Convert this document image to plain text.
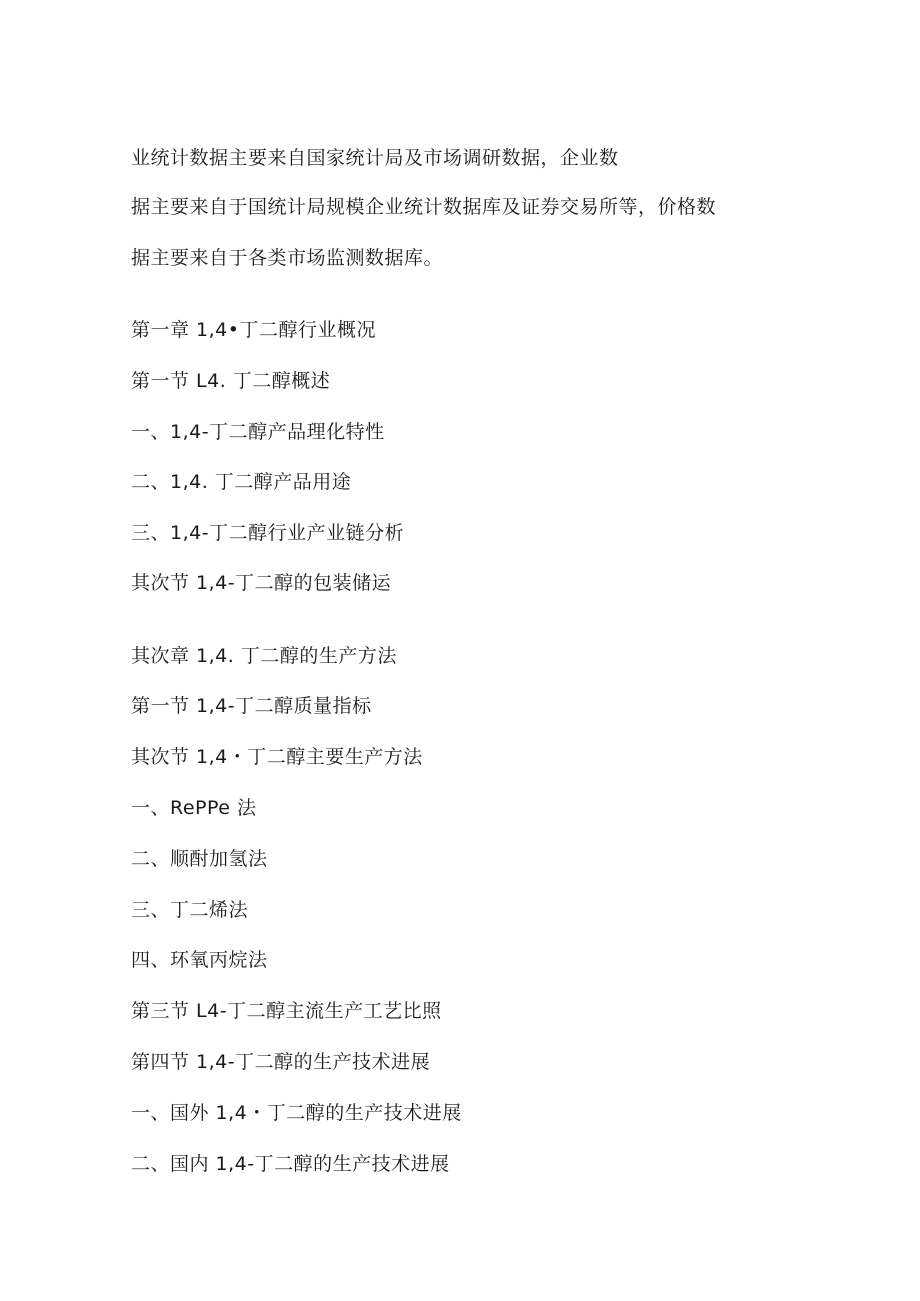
业统计数据主要来自国家统计局及市场调研数据，企业数
据主要来自于国统计局规模企业统计数据库及证券交易所等，价格数
据主要来自于各类市场监测数据库。
第一章 1,4•丁二醇行业概况
第一节 L4. 丁二醇概述
一、1,4-丁二醇产品理化特性
二、1,4. 丁二醇产品用途
三、1,4-丁二醇行业产业链分析
其次节 1,4-丁二醇的包装储运
其次章 1,4. 丁二醇的生产方法
第一节 1,4-丁二醇质量指标
其次节 1,4・丁二醇主要生产方法
一、RePPe 法
二、顺酎加氢法
三、丁二烯法
四、环氧丙烷法
第三节 L4-丁二醇主流生产工艺比照
第四节 1,4-丁二醇的生产技术进展
一、国外 1,4・丁二醇的生产技术进展
二、国内 1,4-丁二醇的生产技术进展
